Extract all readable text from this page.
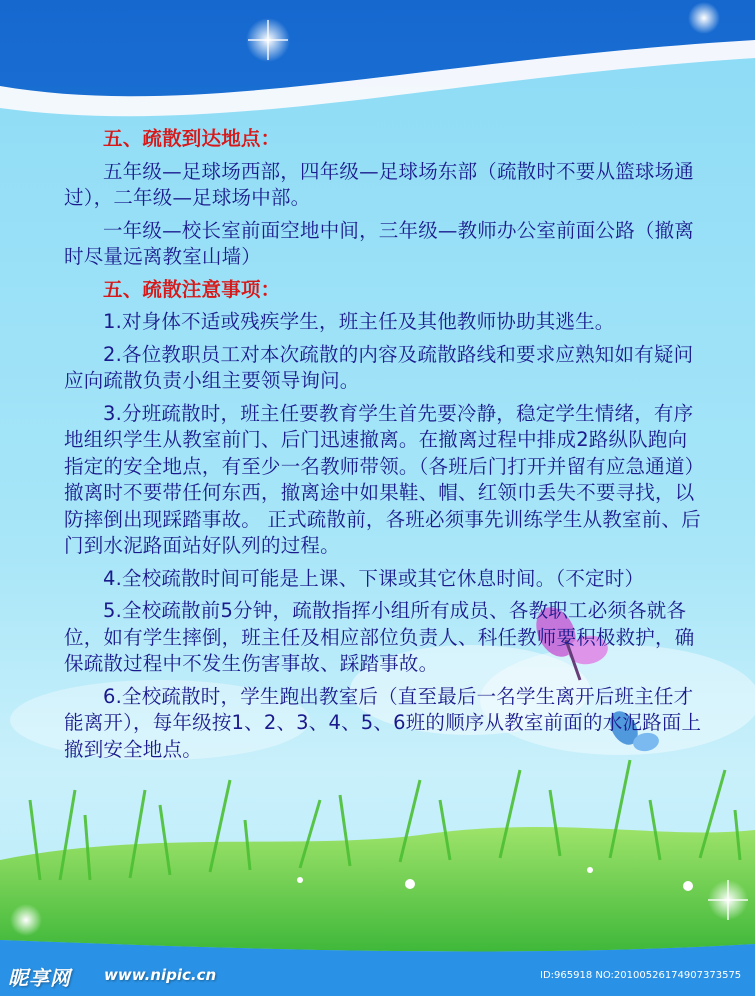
五、疏散到达地点：

五年级—足球场西部，四年级—足球场东部（疏散时不要从篮球场通过），二年级—足球场中部。

一年级—校长室前面空地中间，三年级—教师办公室前面公路（撤离时尽量远离教室山墙）

五、疏散注意事项：

1.对身体不适或残疾学生，班主任及其他教师协助其逃生。

2.各位教职员工对本次疏散的内容及疏散路线和要求应熟知如有疑问应向疏散负责小组主要领导询问。

3.分班疏散时，班主任要教育学生首先要冷静，稳定学生情绪，有序地组织学生从教室前门、后门迅速撤离。在撤离过程中排成2路纵队跑向指定的安全地点，有至少一名教师带领。（各班后门打开并留有应急通道）撤离时不要带任何东西，撤离途中如果鞋、帽、红领巾丢失不要寻找，以防摔倒出现踩踏事故。 正式疏散前，各班必须事先训练学生从教室前、后门到水泥路面站好队列的过程。

4.全校疏散时间可能是上课、下课或其它休息时间。（不定时）

5.全校疏散前5分钟，疏散指挥小组所有成员、各教职工必须各就各位，如有学生摔倒，班主任及相应部位负责人、科任教师要积极救护，确保疏散过程中不发生伤害事故、踩踏事故。

6.全校疏散时，学生跑出教室后（直至最后一名学生离开后班主任才能离开），每年级按1、2、3、4、5、6班的顺序从教室前面的水泥路面上撤到安全地点。

昵享网 www.nipic.cn	ID:965918 NO:20100526174907373575
